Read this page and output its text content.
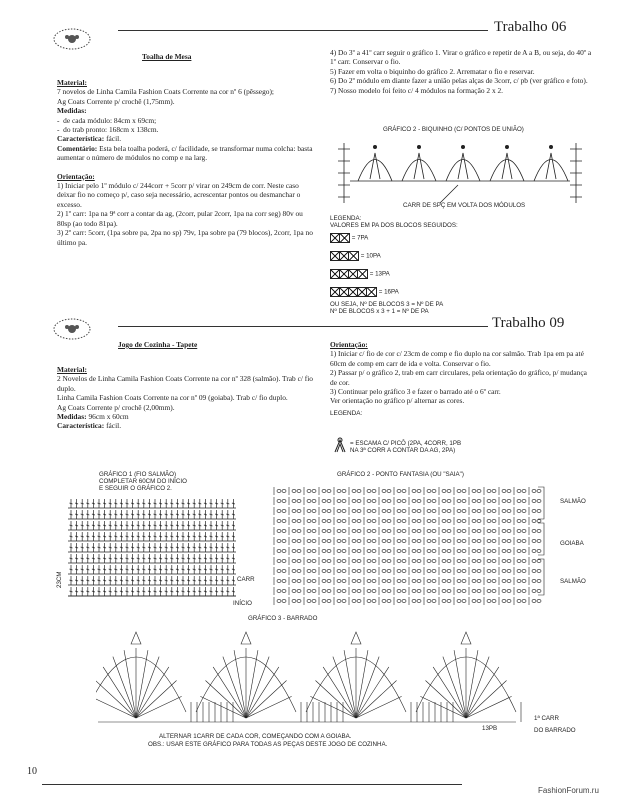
Trabalho 06
Toalha de Mesa

Material:

7 novelos de Linha Camila Fashion Coats Corrente na cor nº 6 (pêssego);

Ag Coats Corrente p/ crochê (1,75mm).

Medidas:

-  de cada módulo: 84cm x 69cm;

-  do trab pronto: 168cm x 138cm.

Característica: fácil.

Comentário: Esta bela toalha poderá, c/ facilidade, se transformar numa colcha: basta aumentar o número de módulos no comp e na larg.

Orientação:

1) Iniciar pelo 1º módulo c/ 244corr + 5corr p/ virar on 249cm de corr. Neste caso deixar fio no começo p/, caso seja necessário, acrescentar pontos ou desmanchar o excesso.

2) 1º carr: 1pa na 9ª corr a contar da ag, (2corr, pular 2corr, 1pa na corr seg) 80v ou 80sp (ao todo 81pa).

3) 2º carr: 5corr, (1pa sobre pa, 2pa no sp) 79v, 1pa sobre pa (79 blocos), 2corr, 1pa no último pa.

4) Do 3º a 41º carr seguir o gráfico 1. Virar o gráfico e repetir de A a B, ou seja, do 40º a 1º carr. Conservar o fio.

5) Fazer em volta o biquinho do gráfico 2. Arrematar o fio e reservar.

6) Do 2º módulo em diante fazer a união pelas alças de 3corr, c/ pb (ver gráfico e foto).

7) Nosso modelo foi feito c/ 4 módulos na formação 2 x 2.

GRÁFICO 2 - BIQUINHO (C/ PONTOS DE UNIÃO)
CARR DE SPÇ EM VOLTA DOS MÓDULOS
LEGENDA:
VALORES EM PA DOS BLOCOS SEGUIDOS:
= 7PA
= 10PA
= 13PA
= 16PA
OU SEJA, Nº DE BLOCOS 3 = Nº DE PA
Nº DE BLOCOS x 3 + 1 = Nº DE PA
Trabalho 09
Jogo de Cozinha - Tapete

Material:

2 Novelos de Linha Camila Fashion Coats Corrente na cor nº 328 (salmão). Trab c/ fio duplo.

Linha Camila Fashion Coats Corrente na cor nº 09 (goiaba). Trab c/ fio duplo.

Ag Coats Corrente p/ crochê (2,00mm).

Medidas: 96cm x 60cm

Característica: fácil.

Orientação:

1) Iniciar c/ fio de cor c/ 23cm de comp e fio duplo na cor salmão. Trab 1pa em pa até 60cm de comp em carr de ida e volta. Conservar o fio.

2) Passar p/ o gráfico 2, trab em carr circulares, pela orientação do gráfico, p/ mudança de cor.

3) Continuar pelo gráfico 3 e fazer o barrado até o 6º carr.

Ver orientação no gráfico p/ alternar as cores.

LEGENDA:

= ESCAMA C/ PICÔ (2PA, 4CORR, 1PB
NA 3ª CORR A CONTAR DA AG, 2PA)
GRÁFICO 1 (FIO SALMÃO)
COMPLETAR 60CM DO INÍCIO
E SEGUIR O GRÁFICO 2.
23CM	CARR
INÍCIO
GRÁFICO 2 - PONTO FANTASIA (OU "SAIA")
SALMÃO
GOIABA
SALMÃO
GRÁFICO 3 - BARRADO
1ª CARR
DO BARRADO
13PB
ALTERNAR 1CARR DE CADA COR, COMEÇANDO COM A GOIABA.
OBS.: USAR ESTE GRÁFICO PARA TODAS AS PEÇAS DESTE JOGO DE COZINHA.
10
FashionForum.ru
